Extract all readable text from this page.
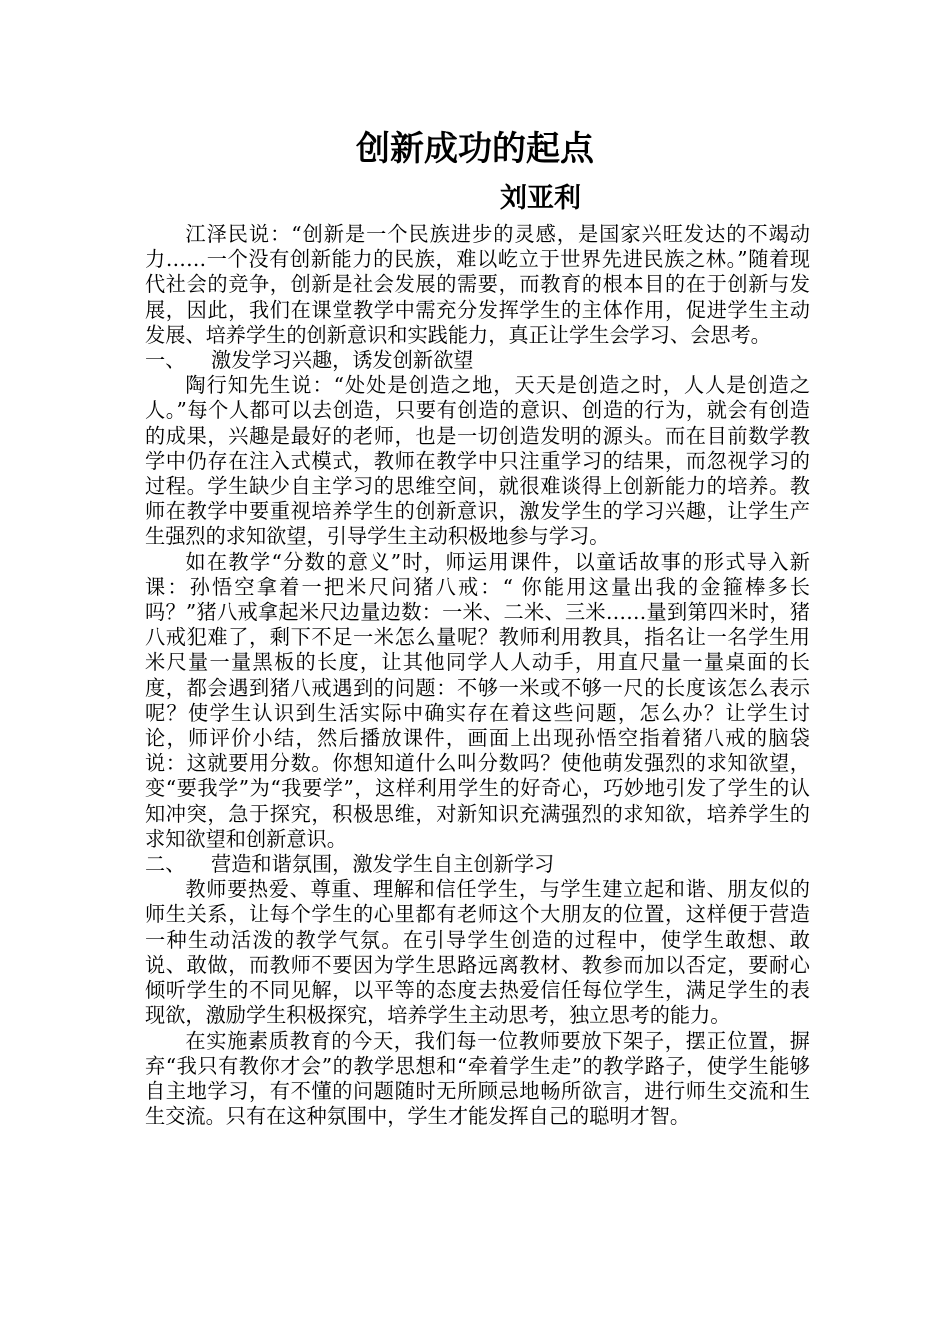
创新成功的起点
刘亚利

江泽民说：“创新是一个民族进步的灵感，是国家兴旺发达的不竭动力……一个没有创新能力的民族，难以屹立于世界先进民族之林。”随着现代社会的竞争，创新是社会发展的需要，而教育的根本目的在于创新与发展，因此，我们在课堂教学中需充分发挥学生的主体作用，促进学生主动发展、培养学生的创新意识和实践能力，真正让学生会学习、会思考。

一、	激发学习兴趣，诱发创新欲望

陶行知先生说：“处处是创造之地，天天是创造之时，人人是创造之人。”每个人都可以去创造，只要有创造的意识、创造的行为，就会有创造的成果，兴趣是最好的老师，也是一切创造发明的源头。而在目前数学教学中仍存在注入式模式，教师在教学中只注重学习的结果，而忽视学习的过程。学生缺少自主学习的思维空间，就很难谈得上创新能力的培养。教师在教学中要重视培养学生的创新意识，激发学生的学习兴趣，让学生产生强烈的求知欲望，引导学生主动积极地参与学习。

如在教学“分数的意义”时，师运用课件，以童话故事的形式导入新课：孙悟空拿着一把米尺问猪八戒：“ 你能用这量出我的金箍棒多长吗？”猪八戒拿起米尺边量边数：一米、二米、三米……量到第四米时，猪八戒犯难了，剩下不足一米怎么量呢？教师利用教具，指名让一名学生用米尺量一量黑板的长度，让其他同学人人动手，用直尺量一量桌面的长度，都会遇到猪八戒遇到的问题：不够一米或不够一尺的长度该怎么表示呢？使学生认识到生活实际中确实存在着这些问题，怎么办？让学生讨论，师评价小结，然后播放课件，画面上出现孙悟空指着猪八戒的脑袋说：这就要用分数。你想知道什么叫分数吗？使他萌发强烈的求知欲望，变“要我学”为“我要学”，这样利用学生的好奇心，巧妙地引发了学生的认知冲突，急于探究，积极思维，对新知识充满强烈的求知欲，培养学生的求知欲望和创新意识。

二、	营造和谐氛围，激发学生自主创新学习

教师要热爱、尊重、理解和信任学生，与学生建立起和谐、朋友似的师生关系，让每个学生的心里都有老师这个大朋友的位置，这样便于营造一种生动活泼的教学气氛。在引导学生创造的过程中，使学生敢想、敢说、敢做，而教师不要因为学生思路远离教材、教参而加以否定，要耐心倾听学生的不同见解，以平等的态度去热爱信任每位学生，满足学生的表现欲，激励学生积极探究，培养学生主动思考，独立思考的能力。

在实施素质教育的今天，我们每一位教师要放下架子，摆正位置，摒弃“我只有教你才会”的教学思想和“牵着学生走”的教学路子，使学生能够自主地学习，有不懂的问题随时无所顾忌地畅所欲言，进行师生交流和生生交流。只有在这种氛围中，学生才能发挥自己的聪明才智。
